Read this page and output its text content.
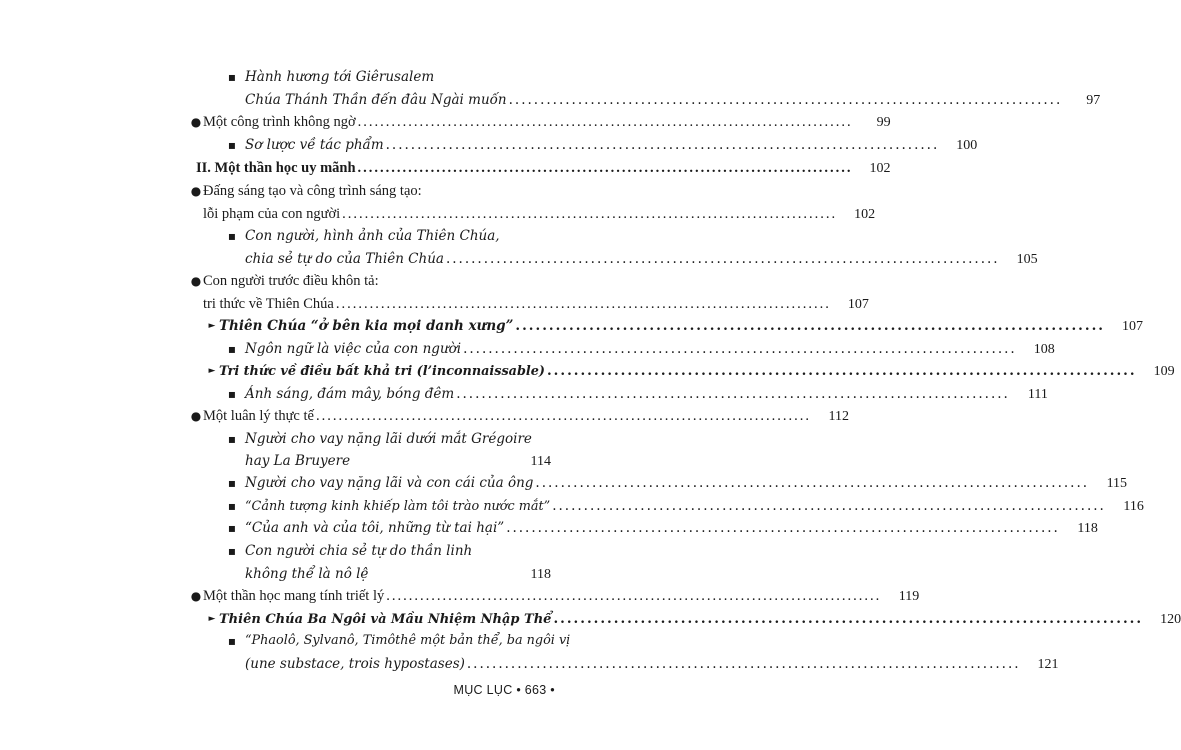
▪ Hành hương tới Giêrusalem
Chúa Thánh Thần đến đâu Ngài muốn ........................................................................................	97
● Một công trình không ngờ ........................................................................................	99
▪ Sơ lược về tác phẩm ........................................................................................	100
II. Một thần học uy mãnh ........................................................................................	102
● Đấng sáng tạo và công trình sáng tạo:
lỗi phạm của con người ........................................................................................	102
▪ Con người, hình ảnh của Thiên Chúa,
chia sẻ tự do của Thiên Chúa ........................................................................................	105
● Con người trước điều khôn tả:
tri thức về Thiên Chúa ........................................................................................	107
► Thiên Chúa “ở bên kia mọi danh xưng” ........................................................................................	107
▪ Ngôn ngữ là việc của con người ........................................................................................	108
► Tri thức về điều bất khả tri (l’inconnaissable) ........................................................................................	109
▪ Ánh sáng, đám mây, bóng đêm ........................................................................................	111
● Một luân lý thực tế ........................................................................................	112
▪ Người cho vay nặng lãi dưới mắt Grégoire
hay La Bruyere	114
▪ Người cho vay nặng lãi và con cái của ông ........................................................................................	115
▪ “Cảnh tượng kinh khiếp làm tôi trào nước mắt” ........................................................................................	116
▪ “Của anh và của tôi, những từ tai hại” ........................................................................................	118
▪ Con người chia sẻ tự do thần linh
không thể là nô lệ	118
● Một thần học mang tính triết lý ........................................................................................	119
► Thiên Chúa Ba Ngôi và Mầu Nhiệm Nhập Thể ........................................................................................	120
▪ “Phaolô, Sylvanô, Timôthê một bản thể, ba ngôi vị
(une substace, trois hypostases) ........................................................................................	121
MỤC LỤC • 663 •
